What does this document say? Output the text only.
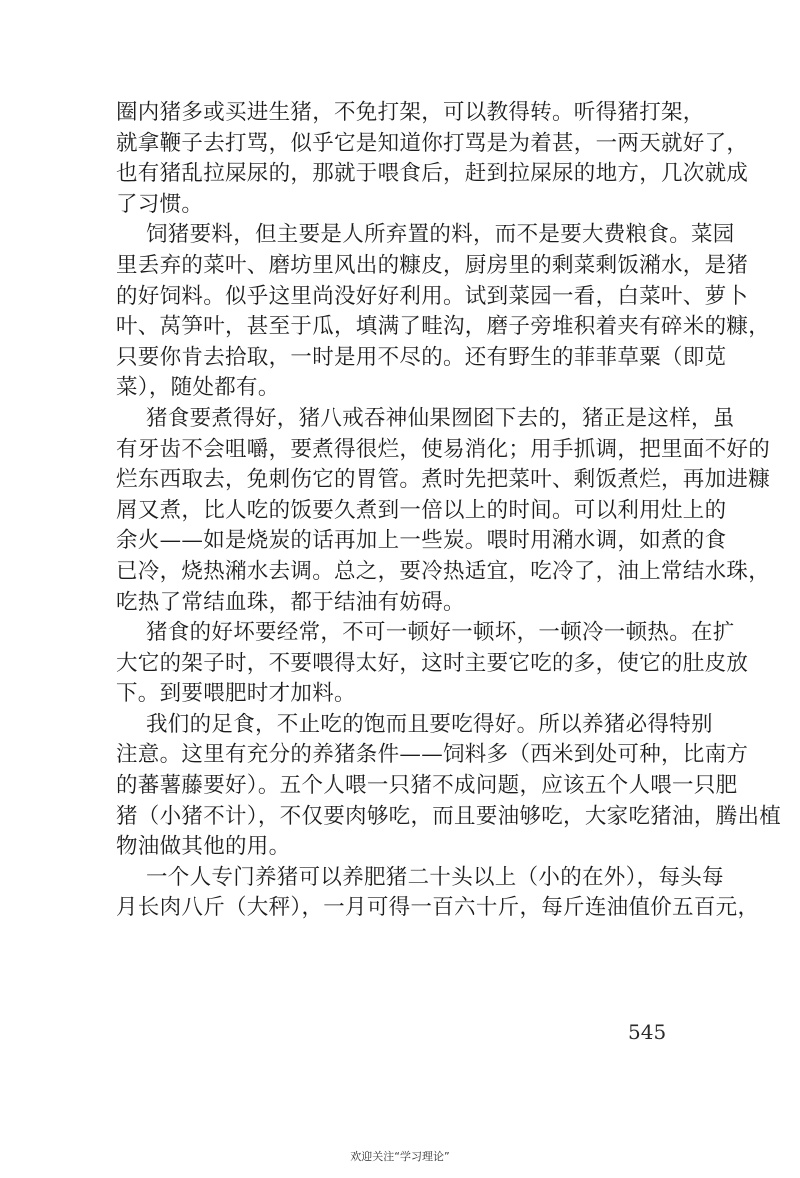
圈内猪多或买进生猪，不免打架，可以教得转。听得猪打架，
就拿鞭子去打骂，似乎它是知道你打骂是为着甚，一两天就好了，
也有猪乱拉屎尿的，那就于喂食后，赶到拉屎尿的地方，几次就成
了习惯。
饲猪要料，但主要是人所弃置的料，而不是要大费粮食。菜园
里丢弃的菜叶、磨坊里风出的糠皮，厨房里的剩菜剩饭潲水，是猪
的好饲料。似乎这里尚没好好利用。试到菜园一看，白菜叶、萝卜
叶、莴笋叶，甚至于瓜，填满了畦沟，磨子旁堆积着夹有碎米的糠，
只要你肯去拾取，一时是用不尽的。还有野生的菲菲草粟（即苋
菜），随处都有。
猪食要煮得好，猪八戒吞神仙果囫囵下去的，猪正是这样，虽
有牙齿不会咀嚼，要煮得很烂，使易消化；用手抓调，把里面不好的
烂东西取去，免刺伤它的胃管。煮时先把菜叶、剩饭煮烂，再加进糠
屑又煮，比人吃的饭要久煮到一倍以上的时间。可以利用灶上的
余火——如是烧炭的话再加上一些炭。喂时用潲水调，如煮的食
已冷，烧热潲水去调。总之，要冷热适宜，吃冷了，油上常结水珠，
吃热了常结血珠，都于结油有妨碍。
猪食的好坏要经常，不可一顿好一顿坏，一顿冷一顿热。在扩
大它的架子时，不要喂得太好，这时主要它吃的多，使它的肚皮放
下。到要喂肥时才加料。
我们的足食，不止吃的饱而且要吃得好。所以养猪必得特别
注意。这里有充分的养猪条件——饲料多（西米到处可种，比南方
的蕃薯藤要好）。五个人喂一只猪不成问题，应该五个人喂一只肥
猪（小猪不计），不仅要肉够吃，而且要油够吃，大家吃猪油，腾出植
物油做其他的用。
一个人专门养猪可以养肥猪二十头以上（小的在外），每头每
月长肉八斤（大秤），一月可得一百六十斤，每斤连油值价五百元，
545
欢迎关注“学习理论”
